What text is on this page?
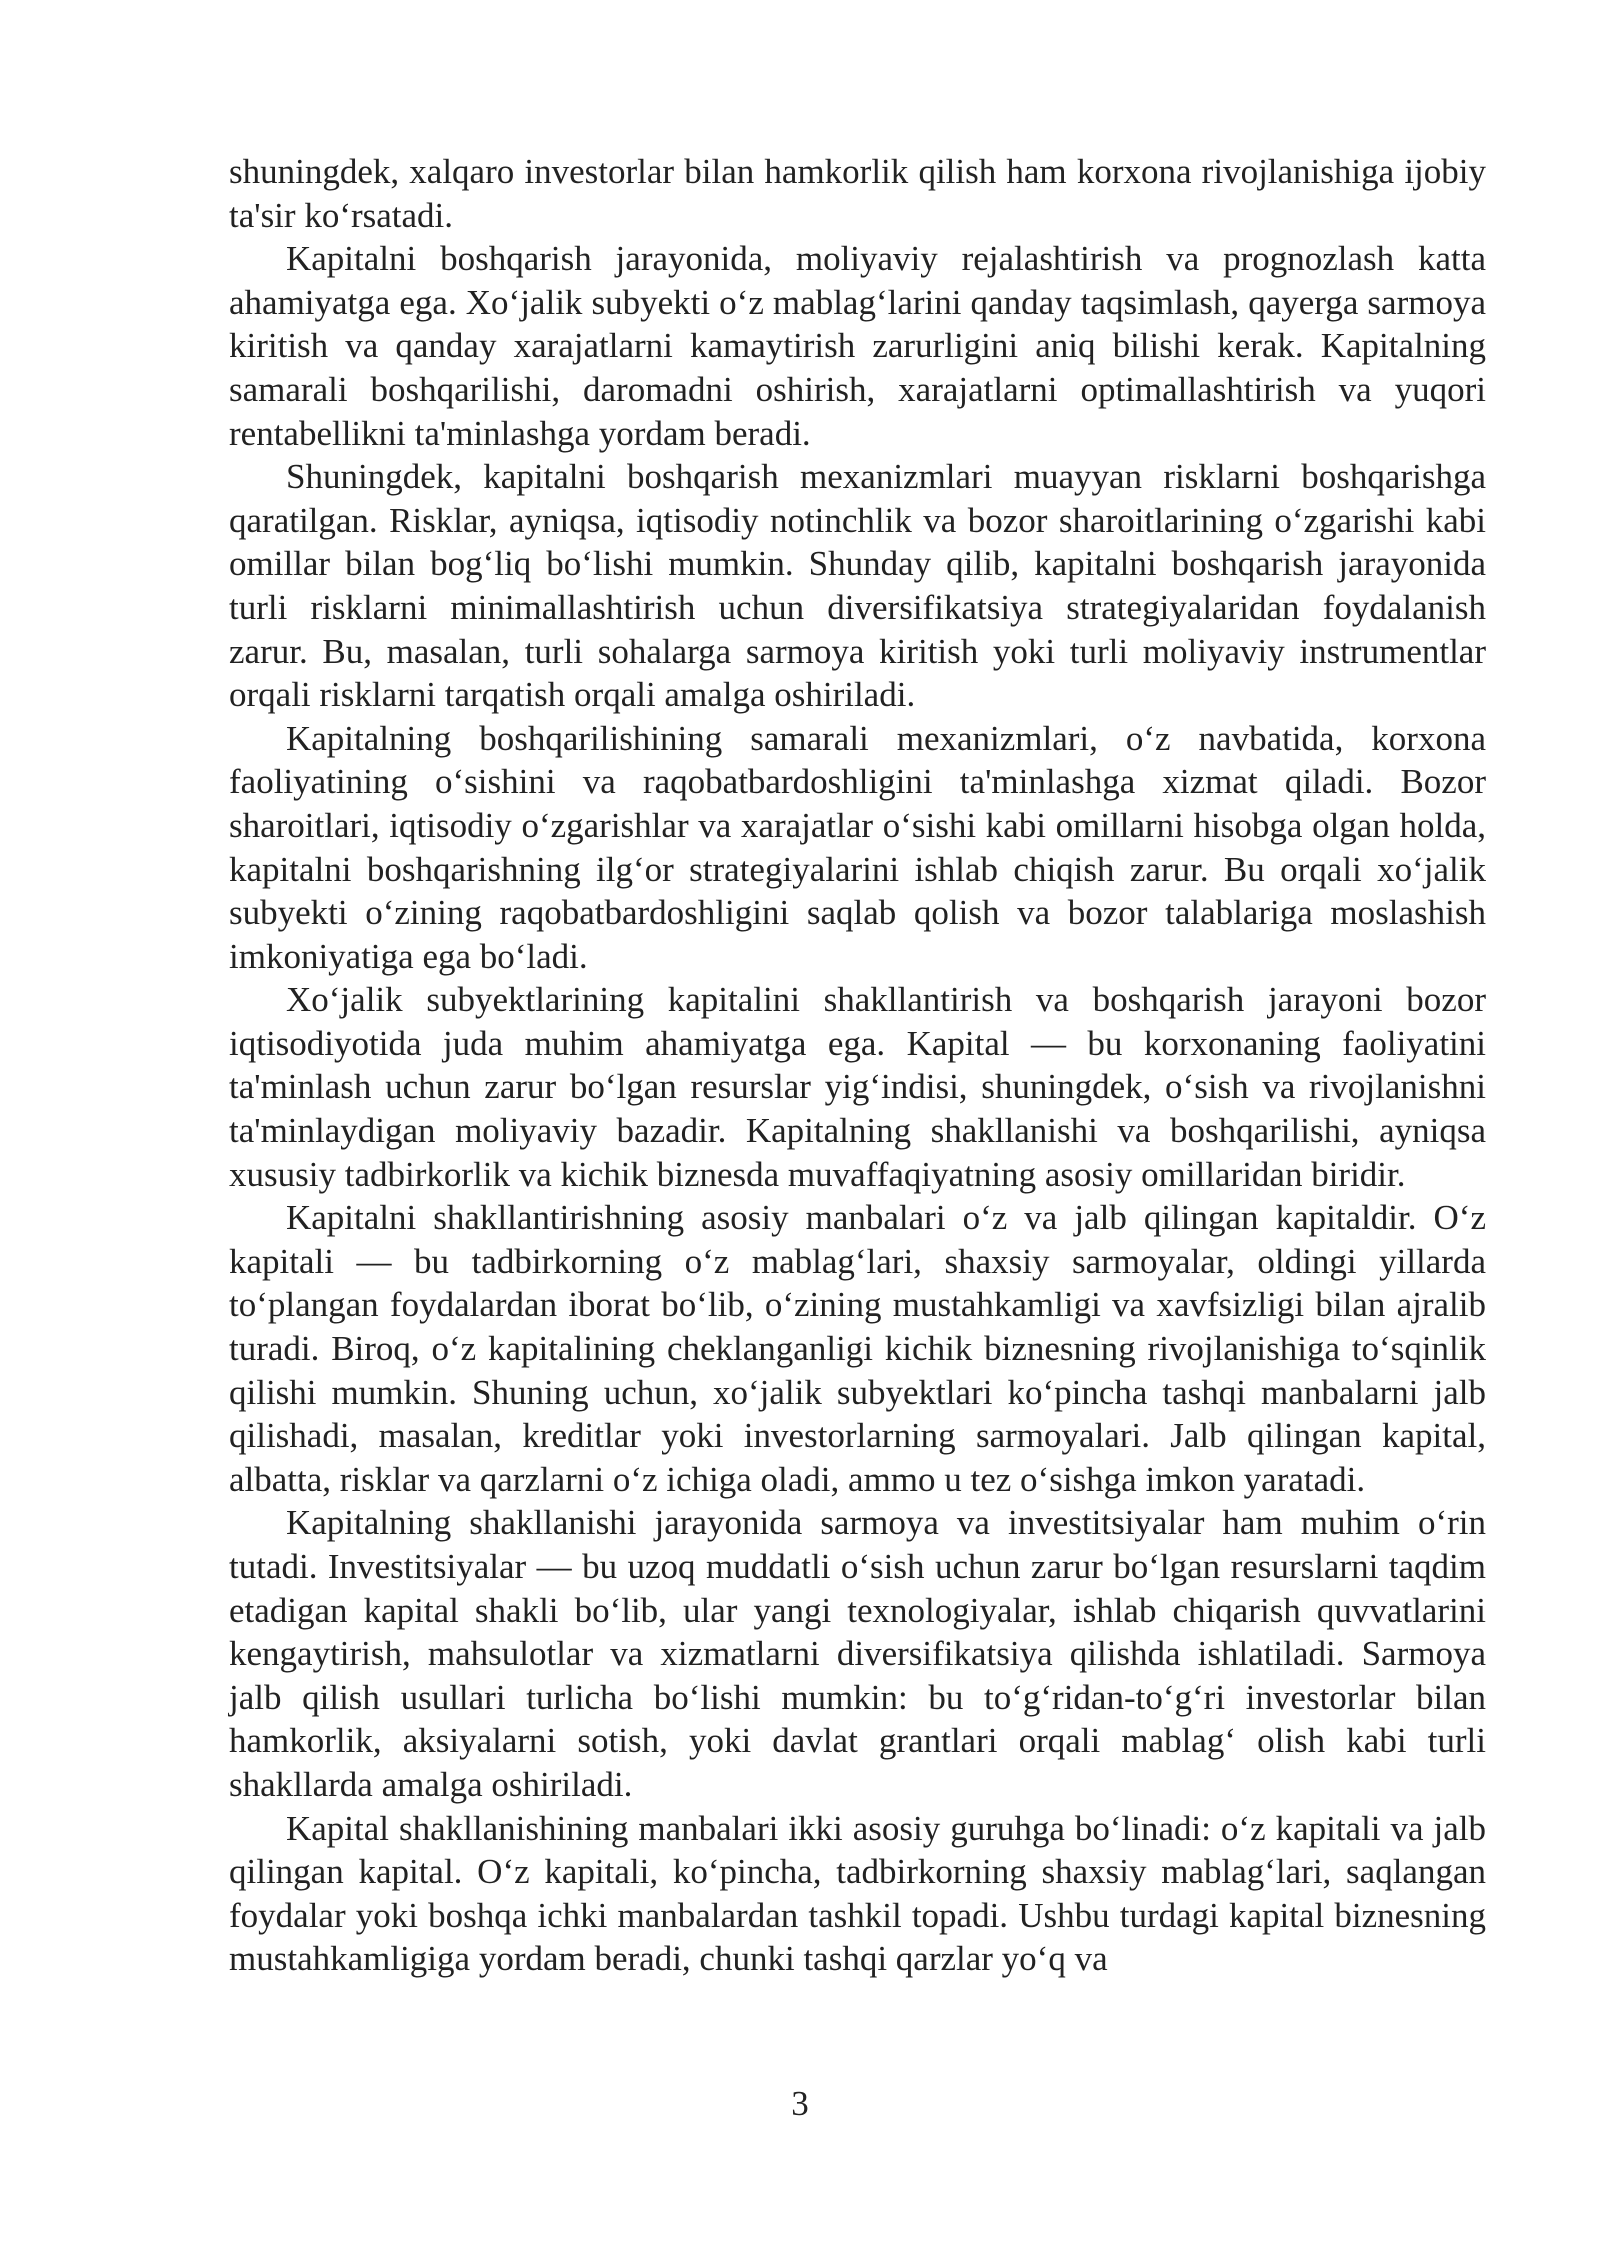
shuningdek, xalqaro investorlar bilan hamkorlik qilish ham korxona rivojlanishiga ijobiy ta'sir ko‘rsatadi.

Kapitalni boshqarish jarayonida, moliyaviy rejalashtirish va prognozlash katta ahamiyatga ega. Xo‘jalik subyekti o‘z mablag‘larini qanday taqsimlash, qayerga sarmoya kiritish va qanday xarajatlarni kamaytirish zarurligini aniq bilishi kerak. Kapitalning samarali boshqarilishi, daromadni oshirish, xarajatlarni optimallashtirish va yuqori rentabellikni ta'minlashga yordam beradi.

Shuningdek, kapitalni boshqarish mexanizmlari muayyan risklarni boshqarishga qaratilgan. Risklar, ayniqsa, iqtisodiy notinchlik va bozor sharoitlarining o‘zgarishi kabi omillar bilan bog‘liq bo‘lishi mumkin. Shunday qilib, kapitalni boshqarish jarayonida turli risklarni minimallashtirish uchun diversifikatsiya strategiyalaridan foydalanish zarur. Bu, masalan, turli sohalarga sarmoya kiritish yoki turli moliyaviy instrumentlar orqali risklarni tarqatish orqali amalga oshiriladi.

Kapitalning boshqarilishining samarali mexanizmlari, o‘z navbatida, korxona faoliyatining o‘sishini va raqobatbardoshligini ta'minlashga xizmat qiladi. Bozor sharoitlari, iqtisodiy o‘zgarishlar va xarajatlar o‘sishi kabi omillarni hisobga olgan holda, kapitalni boshqarishning ilg‘or strategiyalarini ishlab chiqish zarur. Bu orqali xo‘jalik subyekti o‘zining raqobatbardoshligini saqlab qolish va bozor talablariga moslashish imkoniyatiga ega bo‘ladi.

Xo‘jalik subyektlarining kapitalini shakllantirish va boshqarish jarayoni bozor iqtisodiyotida juda muhim ahamiyatga ega. Kapital — bu korxonaning faoliyatini ta'minlash uchun zarur bo‘lgan resurslar yig‘indisi, shuningdek, o‘sish va rivojlanishni ta'minlaydigan moliyaviy bazadir. Kapitalning shakllanishi va boshqarilishi, ayniqsa xususiy tadbirkorlik va kichik biznesda muvaffaqiyatning asosiy omillaridan biridir.

Kapitalni shakllantirishning asosiy manbalari o‘z va jalb qilingan kapitaldir. O‘z kapitali — bu tadbirkorning o‘z mablag‘lari, shaxsiy sarmoyalar, oldingi yillarda to‘plangan foydalardan iborat bo‘lib, o‘zining mustahkamligi va xavfsizligi bilan ajralib turadi. Biroq, o‘z kapitalining cheklanganligi kichik biznesning rivojlanishiga to‘sqinlik qilishi mumkin. Shuning uchun, xo‘jalik subyektlari ko‘pincha tashqi manbalarni jalb qilishadi, masalan, kreditlar yoki investorlarning sarmoyalari. Jalb qilingan kapital, albatta, risklar va qarzlarni o‘z ichiga oladi, ammo u tez o‘sishga imkon yaratadi.

Kapitalning shakllanishi jarayonida sarmoya va investitsiyalar ham muhim o‘rin tutadi. Investitsiyalar — bu uzoq muddatli o‘sish uchun zarur bo‘lgan resurslarni taqdim etadigan kapital shakli bo‘lib, ular yangi texnologiyalar, ishlab chiqarish quvvatlarini kengaytirish, mahsulotlar va xizmatlarni diversifikatsiya qilishda ishlatiladi. Sarmoya jalb qilish usullari turlicha bo‘lishi mumkin: bu to‘g‘ridan-to‘g‘ri investorlar bilan hamkorlik, aksiyalarni sotish, yoki davlat grantlari orqali mablag‘ olish kabi turli shakllarda amalga oshiriladi.

Kapital shakllanishining manbalari ikki asosiy guruhga bo‘linadi: o‘z kapitali va jalb qilingan kapital. O‘z kapitali, ko‘pincha, tadbirkorning shaxsiy mablag‘lari, saqlangan foydalar yoki boshqa ichki manbalardan tashkil topadi. Ushbu turdagi kapital biznesning mustahkamligiga yordam beradi, chunki tashqi qarzlar yo‘q va

3
